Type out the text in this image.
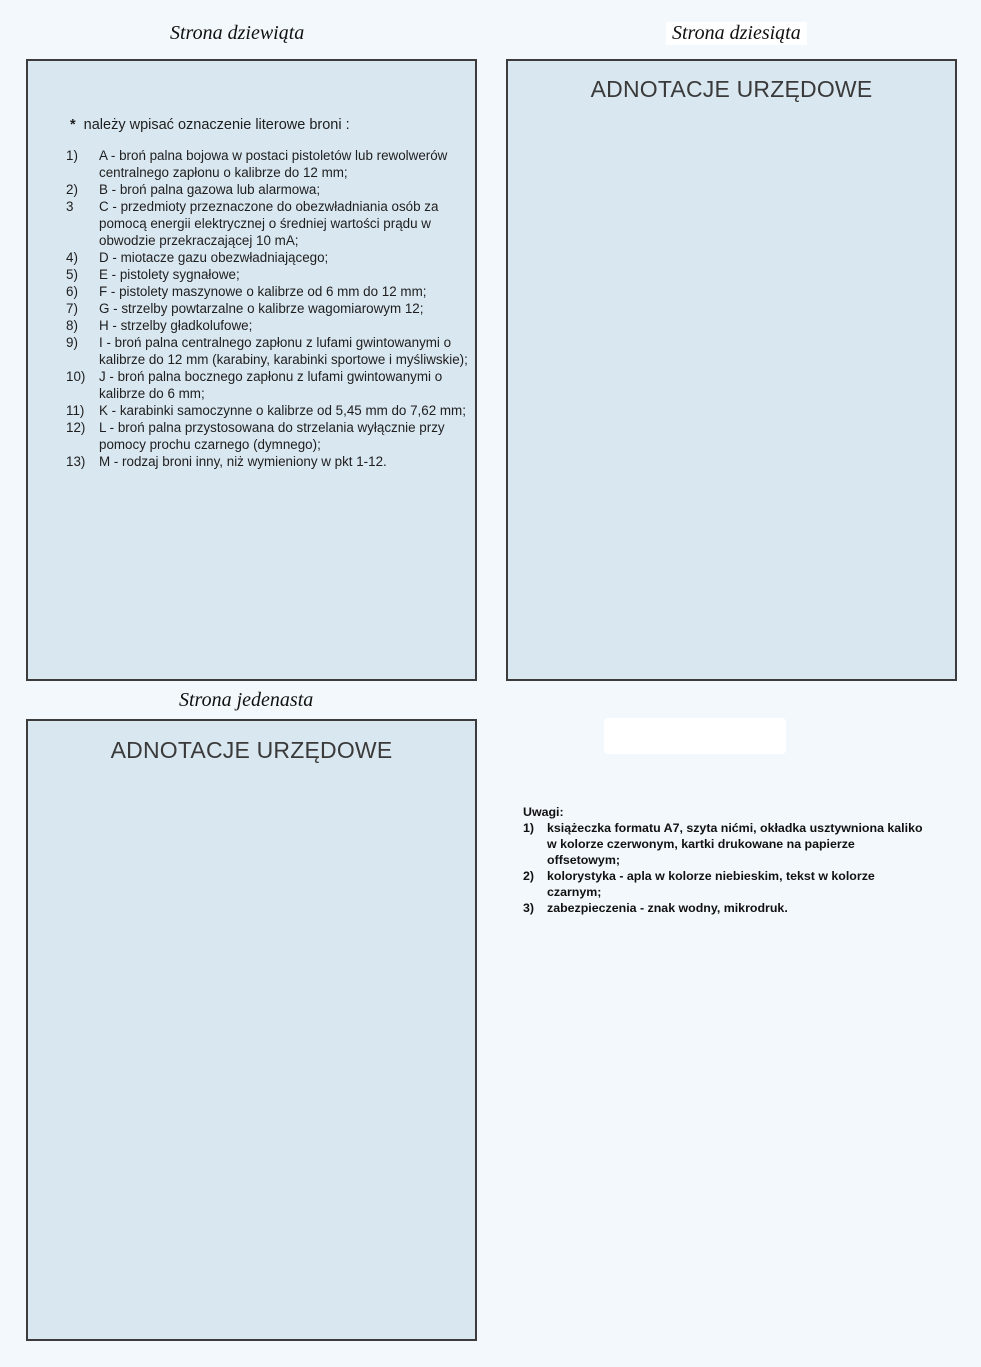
Strona dziewiąta	Strona dziesiąta
Strona jedenasta
* należy wpisać oznaczenie literowe broni :
1)	A - broń palna bojowa w postaci pistoletów lub rewolwerów centralnego zapłonu o kalibrze do 12 mm;
2)	B - broń palna gazowa lub alarmowa;
3	C - przedmioty przeznaczone do obezwładniania osób za pomocą energii elektrycznej o średniej wartości prądu w obwodzie przekraczającej 10 mA;
4)	D - miotacze gazu obezwładniającego;
5)	E - pistolety sygnałowe;
6)	F - pistolety maszynowe o kalibrze od 6 mm do 12 mm;
7)	G - strzelby powtarzalne o kalibrze wagomiarowym 12;
8)	H - strzelby gładkolufowe;
9)	I - broń palna centralnego zapłonu z lufami gwintowanymi o kalibrze do 12 mm (karabiny, karabinki sportowe i myśliwskie);
10)	J - broń palna bocznego zapłonu z lufami gwintowanymi o kalibrze do 6 mm;
11)	K - karabinki samoczynne o kalibrze od 5,45 mm do 7,62 mm;
12)	L - broń palna przystosowana do strzelania wyłącznie przy pomocy prochu czarnego (dymnego);
13)	M - rodzaj broni inny, niż wymieniony w pkt 1-12.
ADNOTACJE URZĘDOWE
ADNOTACJE URZĘDOWE
Uwagi:
1)	książeczka formatu A7, szyta nićmi, okładka usztywniona kaliko w kolorze czerwonym, kartki drukowane na papierze offsetowym;
2)	kolorystyka - apla w kolorze niebieskim, tekst w kolorze czarnym;
3)	zabezpieczenia - znak wodny, mikrodruk.
